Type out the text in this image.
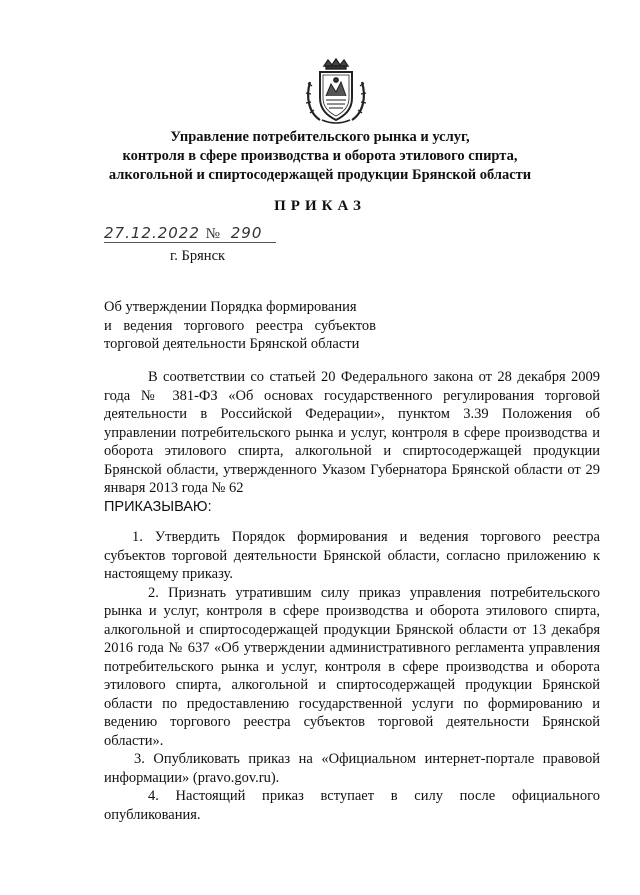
Управление потребительского рынка и услуг,
контроля в сфере производства и оборота этилового спирта,
алкогольной и спиртосодержащей продукции Брянской области
ПРИКАЗ
27.12.2022 № 290
г. Брянск
Об утверждении Порядка формирования
и ведения торгового реестра субъектов
торговой деятельности Брянской области

В соответствии со статьей 20 Федерального закона от 28 декабря 2009 года № 381-ФЗ «Об основах государственного регулирования торговой деятельности в Российской Федерации», пунктом 3.39 Положения об управлении потребительского рынка и услуг, контроля в сфере производства и оборота этилового спирта, алкогольной и спиртосодержащей продукции Брянской области, утвержденного Указом Губернатора Брянской области от 29 января 2013 года № 62

ПРИКАЗЫВАЮ:

1. Утвердить Порядок формирования и ведения торгового реестра субъектов торговой деятельности Брянской области, согласно приложению к настоящему приказу.

2. Признать утратившим силу приказ управления потребительского рынка и услуг, контроля в сфере производства и оборота этилового спирта, алкогольной и спиртосодержащей продукции Брянской области от 13 декабря 2016 года № 637 «Об утверждении административного регламента управления потребительского рынка и услуг, контроля в сфере производства и оборота этилового спирта, алкогольной и спиртосодержащей продукции Брянской области по предоставлению государственной услуги по формированию и ведению торгового реестра субъектов торговой деятельности Брянской области».

3. Опубликовать приказ на «Официальном интернет-портале правовой информации» (pravo.gov.ru).

4. Настоящий приказ вступает в силу после официального опубликования.
